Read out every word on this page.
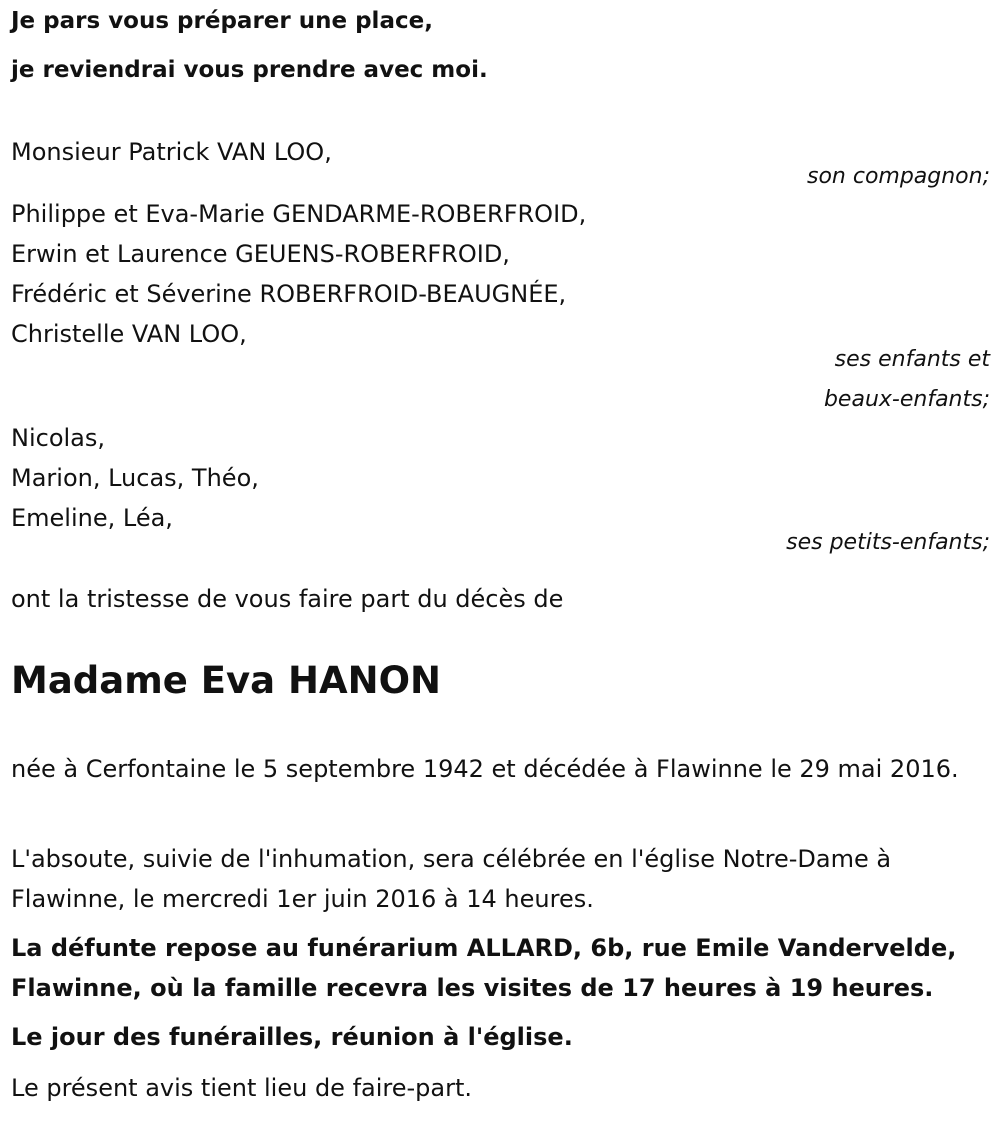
Je pars vous préparer une place,
je reviendrai vous prendre avec moi.
Monsieur Patrick VAN LOO,
son compagnon;
Philippe et Eva-Marie GENDARME-ROBERFROID,
Erwin et Laurence GEUENS-ROBERFROID,
Frédéric et Séverine ROBERFROID-BEAUGNÉE,
Christelle VAN LOO,
ses enfants et
beaux-enfants;
Nicolas,
Marion, Lucas, Théo,
Emeline, Léa,
ses petits-enfants;
ont la tristesse de vous faire part du décès de
Madame Eva HANON
née à Cerfontaine le 5 septembre 1942 et décédée à Flawinne le 29 mai 2016.
L'absoute, suivie de l'inhumation, sera célébrée en l'église Notre-Dame à Flawinne, le mercredi 1er juin 2016 à 14 heures.
La défunte repose au funérarium ALLARD, 6b, rue Emile Vandervelde, Flawinne, où la famille recevra les visites de 17 heures à 19 heures.
Le jour des funérailles, réunion à l'église.
Le présent avis tient lieu de faire-part.
